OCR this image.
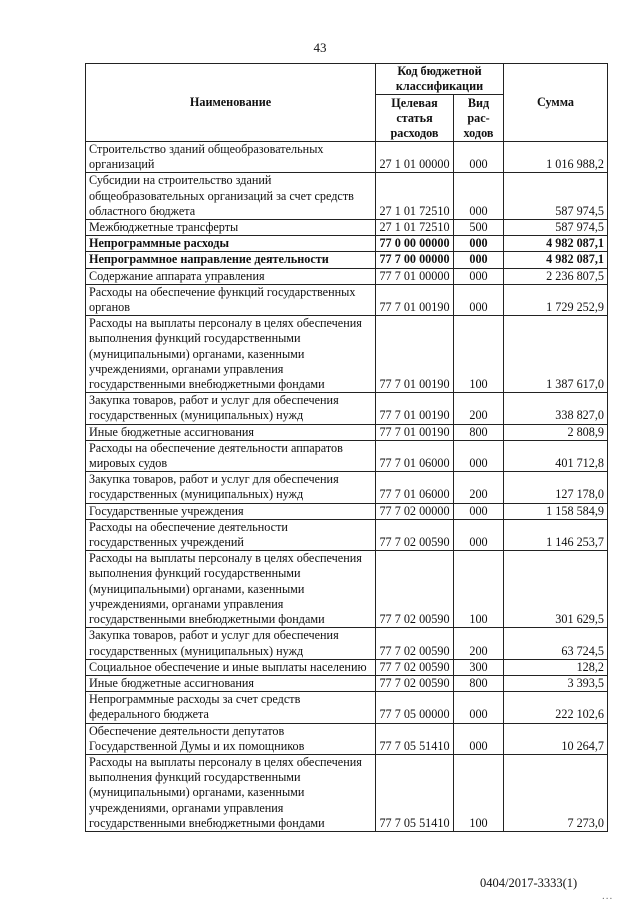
43
Наименование	Код бюджетной классификации		Сумма
	Целевая статья расходов	Вид рас-ходов	
Строительство зданий общеобразовательных организаций	27 1 01 00000	000	1 016 988,2
Субсидии на строительство зданий общеобразовательных организаций за счет средств областного бюджета	27 1 01 72510	000	587 974,5
Межбюджетные трансферты	27 1 01 72510	500	587 974,5
Непрограммные расходы	77 0 00 00000	000	4 982 087,1
Непрограммное направление деятельности	77 7 00 00000	000	4 982 087,1
Содержание аппарата управления	77 7 01 00000	000	2 236 807,5
Расходы на обеспечение функций государственных органов	77 7 01 00190	000	1 729 252,9
Расходы на выплаты персоналу в целях обеспечения выполнения функций государственными (муниципальными) органами, казенными учреждениями, органами управления государственными внебюджетными фондами	77 7 01 00190	100	1 387 617,0
Закупка товаров, работ и услуг для обеспечения государственных (муниципальных) нужд	77 7 01 00190	200	338 827,0
Иные бюджетные ассигнования	77 7 01 00190	800	2 808,9
Расходы на обеспечение деятельности аппаратов мировых судов	77 7 01 06000	000	401 712,8
Закупка товаров, работ и услуг для обеспечения государственных (муниципальных) нужд	77 7 01 06000	200	127 178,0
Государственные учреждения	77 7 02 00000	000	1 158 584,9
Расходы на обеспечение деятельности государственных учреждений	77 7 02 00590	000	1 146 253,7
Расходы на выплаты персоналу в целях обеспечения выполнения функций государственными (муниципальными) органами, казенными учреждениями, органами управления государственными внебюджетными фондами	77 7 02 00590	100	301 629,5
Закупка товаров, работ и услуг для обеспечения государственных (муниципальных) нужд	77 7 02 00590	200	63 724,5
Социальное обеспечение и иные выплаты населению	77 7 02 00590	300	128,2
Иные бюджетные ассигнования	77 7 02 00590	800	3 393,5
Непрограммные расходы за счет средств федерального бюджета	77 7 05 00000	000	222 102,6
Обеспечение деятельности депутатов Государственной Думы и их помощников	77 7 05 51410	000	10 264,7
Расходы на выплаты персоналу в целях обеспечения выполнения функций государственными (муниципальными) органами, казенными учреждениями, органами управления государственными внебюджетными фондами	77 7 05 51410	100	7 273,0
0404/2017-3333(1)
...
